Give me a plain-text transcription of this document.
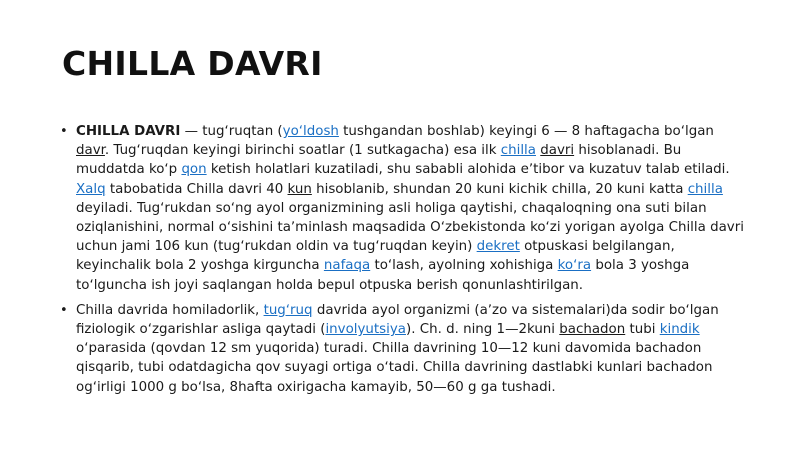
CHILLA DAVRI

• CHILLA DAVRI — tugʻruqtan (yoʻldosh tushgandan boshlab) keyingi 6 — 8 haftagacha boʻlgan davr. Tugʻruqdan keyingi birinchi soatlar (1 sutkagacha) esa ilk chilla davri hisoblanadi. Bu muddatda koʻp qon ketish holatlari kuzatiladi, shu sababli alohida eʼtibor va kuzatuv talab etiladi. Xalq tabobatida Chilla davri 40 kun hisoblanib, shundan 20 kuni kichik chilla, 20 kuni katta chilla deyiladi. Tugʻrukdan soʻng ayol organizmining asli holiga qaytishi, chaqaloqning ona suti bilan oziqlanishini, normal oʻsishini taʼminlash maqsadida Oʻzbekistonda koʻzi yorigan ayolga Chilla davri uchun jami 106 kun (tugʻrukdan oldin va tugʻruqdan keyin) dekret otpuskasi belgilangan, keyinchalik bola 2 yoshga kirguncha nafaqa toʻlash, ayolning xohishiga koʻra bola 3 yoshga toʻlguncha ish joyi saqlangan holda bepul otpuska berish qonunlashtirilgan.

• Chilla davrida homiladorlik, tugʻruq davrida ayol organizmi (aʼzo va sistemalari)da sodir boʻlgan fiziologik oʻzgarishlar asliga qaytadi (involyutsiya). Ch. d. ning 1—2kuni bachadon tubi kindik oʻparasida (qovdan 12 sm yuqorida) turadi. Chilla davrining 10—12 kuni davomida bachadon qisqarib, tubi odatdagicha qov suyagi ortiga oʻtadi. Chilla davrining dastlabki kunlari bachadon ogʻirligi 1000 g boʻlsa, 8hafta oxirigacha kamayib, 50—60 g ga tushadi.
